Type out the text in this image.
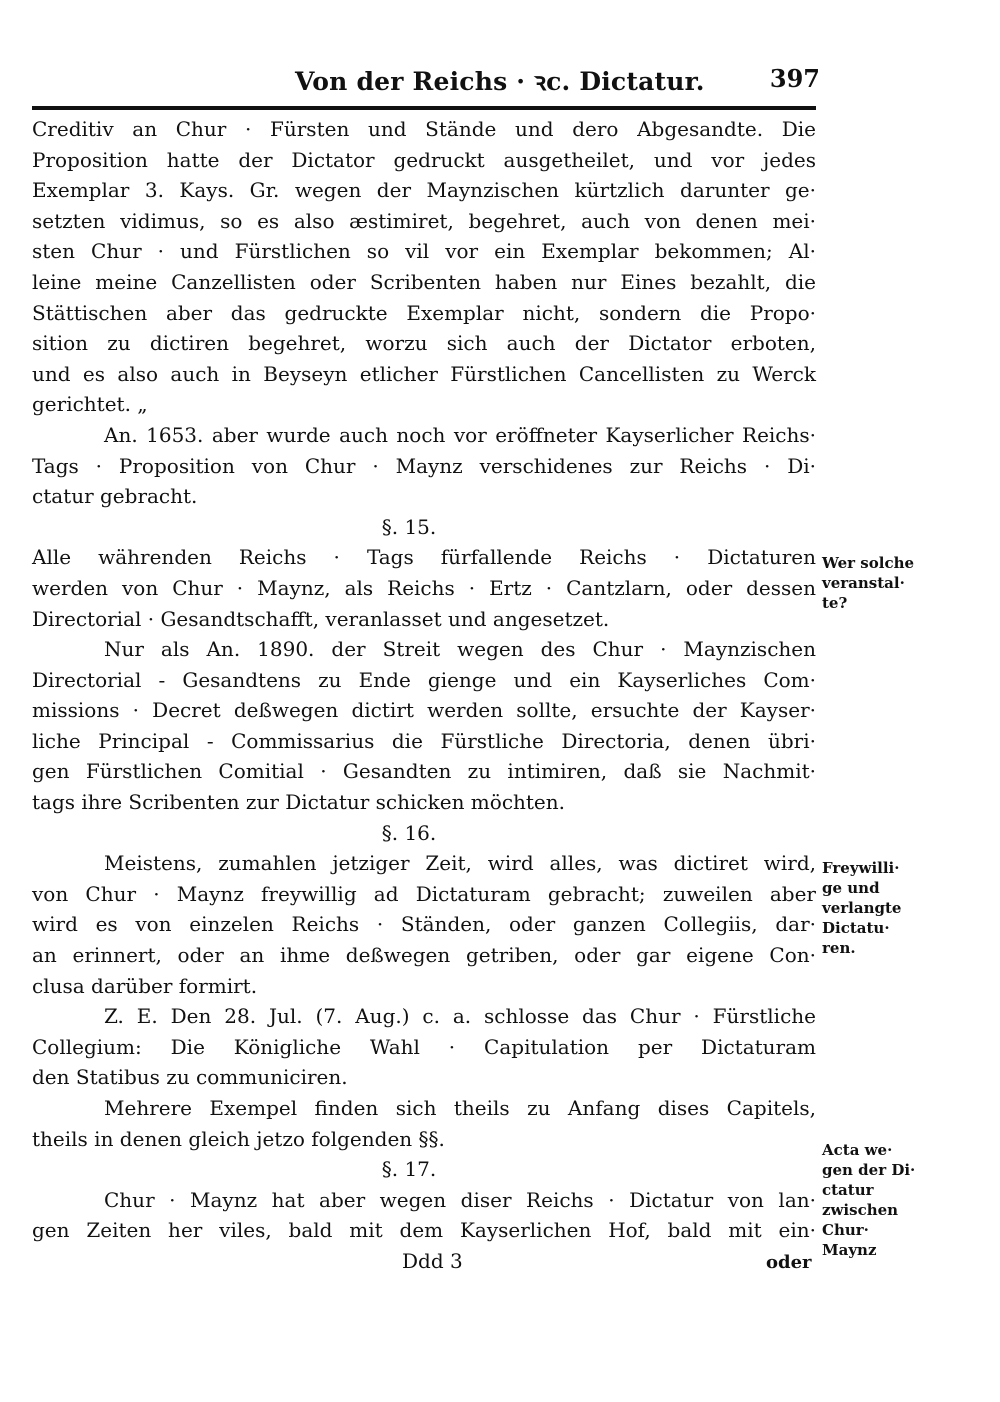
Von der Reichs · ꝛc. Dictatur.	397
Creditiv an Chur · Fürsten und Stände und dero Abgesandte. Die
Proposition hatte der Dictator gedruckt ausgetheilet, und vor jedes
Exemplar 3. Kays. Gr. wegen der Maynzischen kürtzlich darunter ge·
setzten vidimus, so es also æstimiret, begehret, auch von denen mei·
sten Chur · und Fürstlichen so vil vor ein Exemplar bekommen; Al·
leine meine Canzellisten oder Scribenten haben nur Eines bezahlt, die
Stättischen aber das gedruckte Exemplar nicht, sondern die Propo·
sition zu dictiren begehret, worzu sich auch der Dictator erboten,
und es also auch in Beyseyn etlicher Fürstlichen Cancellisten zu Werck
gerichtet. „
An. 1653. aber wurde auch noch vor eröffneter Kayserlicher Reichs·
Tags · Proposition von Chur · Maynz verschidenes zur Reichs · Di·
ctatur gebracht.
§. 15.
Alle währenden Reichs · Tags fürfallende Reichs · Dictaturen
werden von Chur · Maynz, als Reichs · Ertz · Cantzlarn, oder dessen
Directorial · Gesandtschafft, veranlasset und angesetzet.
Nur als An. 1890. der Streit wegen des Chur · Maynzischen
Directorial - Gesandtens zu Ende gienge und ein Kayserliches Com·
missions · Decret deßwegen dictirt werden sollte, ersuchte der Kayser·
liche Principal - Commissarius die Fürstliche Directoria, denen übri·
gen Fürstlichen Comitial · Gesandten zu intimiren, daß sie Nachmit·
tags ihre Scribenten zur Dictatur schicken möchten.
§. 16.
Meistens, zumahlen jetziger Zeit, wird alles, was dictiret wird,
von Chur · Maynz freywillig ad Dictaturam gebracht; zuweilen aber
wird es von einzelen Reichs · Ständen, oder ganzen Collegiis, dar·
an erinnert, oder an ihme deßwegen getriben, oder gar eigene Con·
clusa darüber formirt.
Z. E. Den 28. Jul. (7. Aug.) c. a. schlosse das Chur · Fürstliche
Collegium: Die Königliche Wahl · Capitulation per Dictaturam
den Statibus zu communiciren.
Mehrere Exempel finden sich theils zu Anfang dises Capitels,
theils in denen gleich jetzo folgenden §§.
§. 17.
Chur · Maynz hat aber wegen diser Reichs · Dictatur von lan·
gen Zeiten her viles, bald mit dem Kayserlichen Hof, bald mit ein·
Ddd 3	oder
Wer solche
veranstal·
te?
Freywilli·
ge und
verlangte
Dictatu·
ren.
Acta we·
gen der Di·
ctatur
zwischen
Chur·
Maynz
